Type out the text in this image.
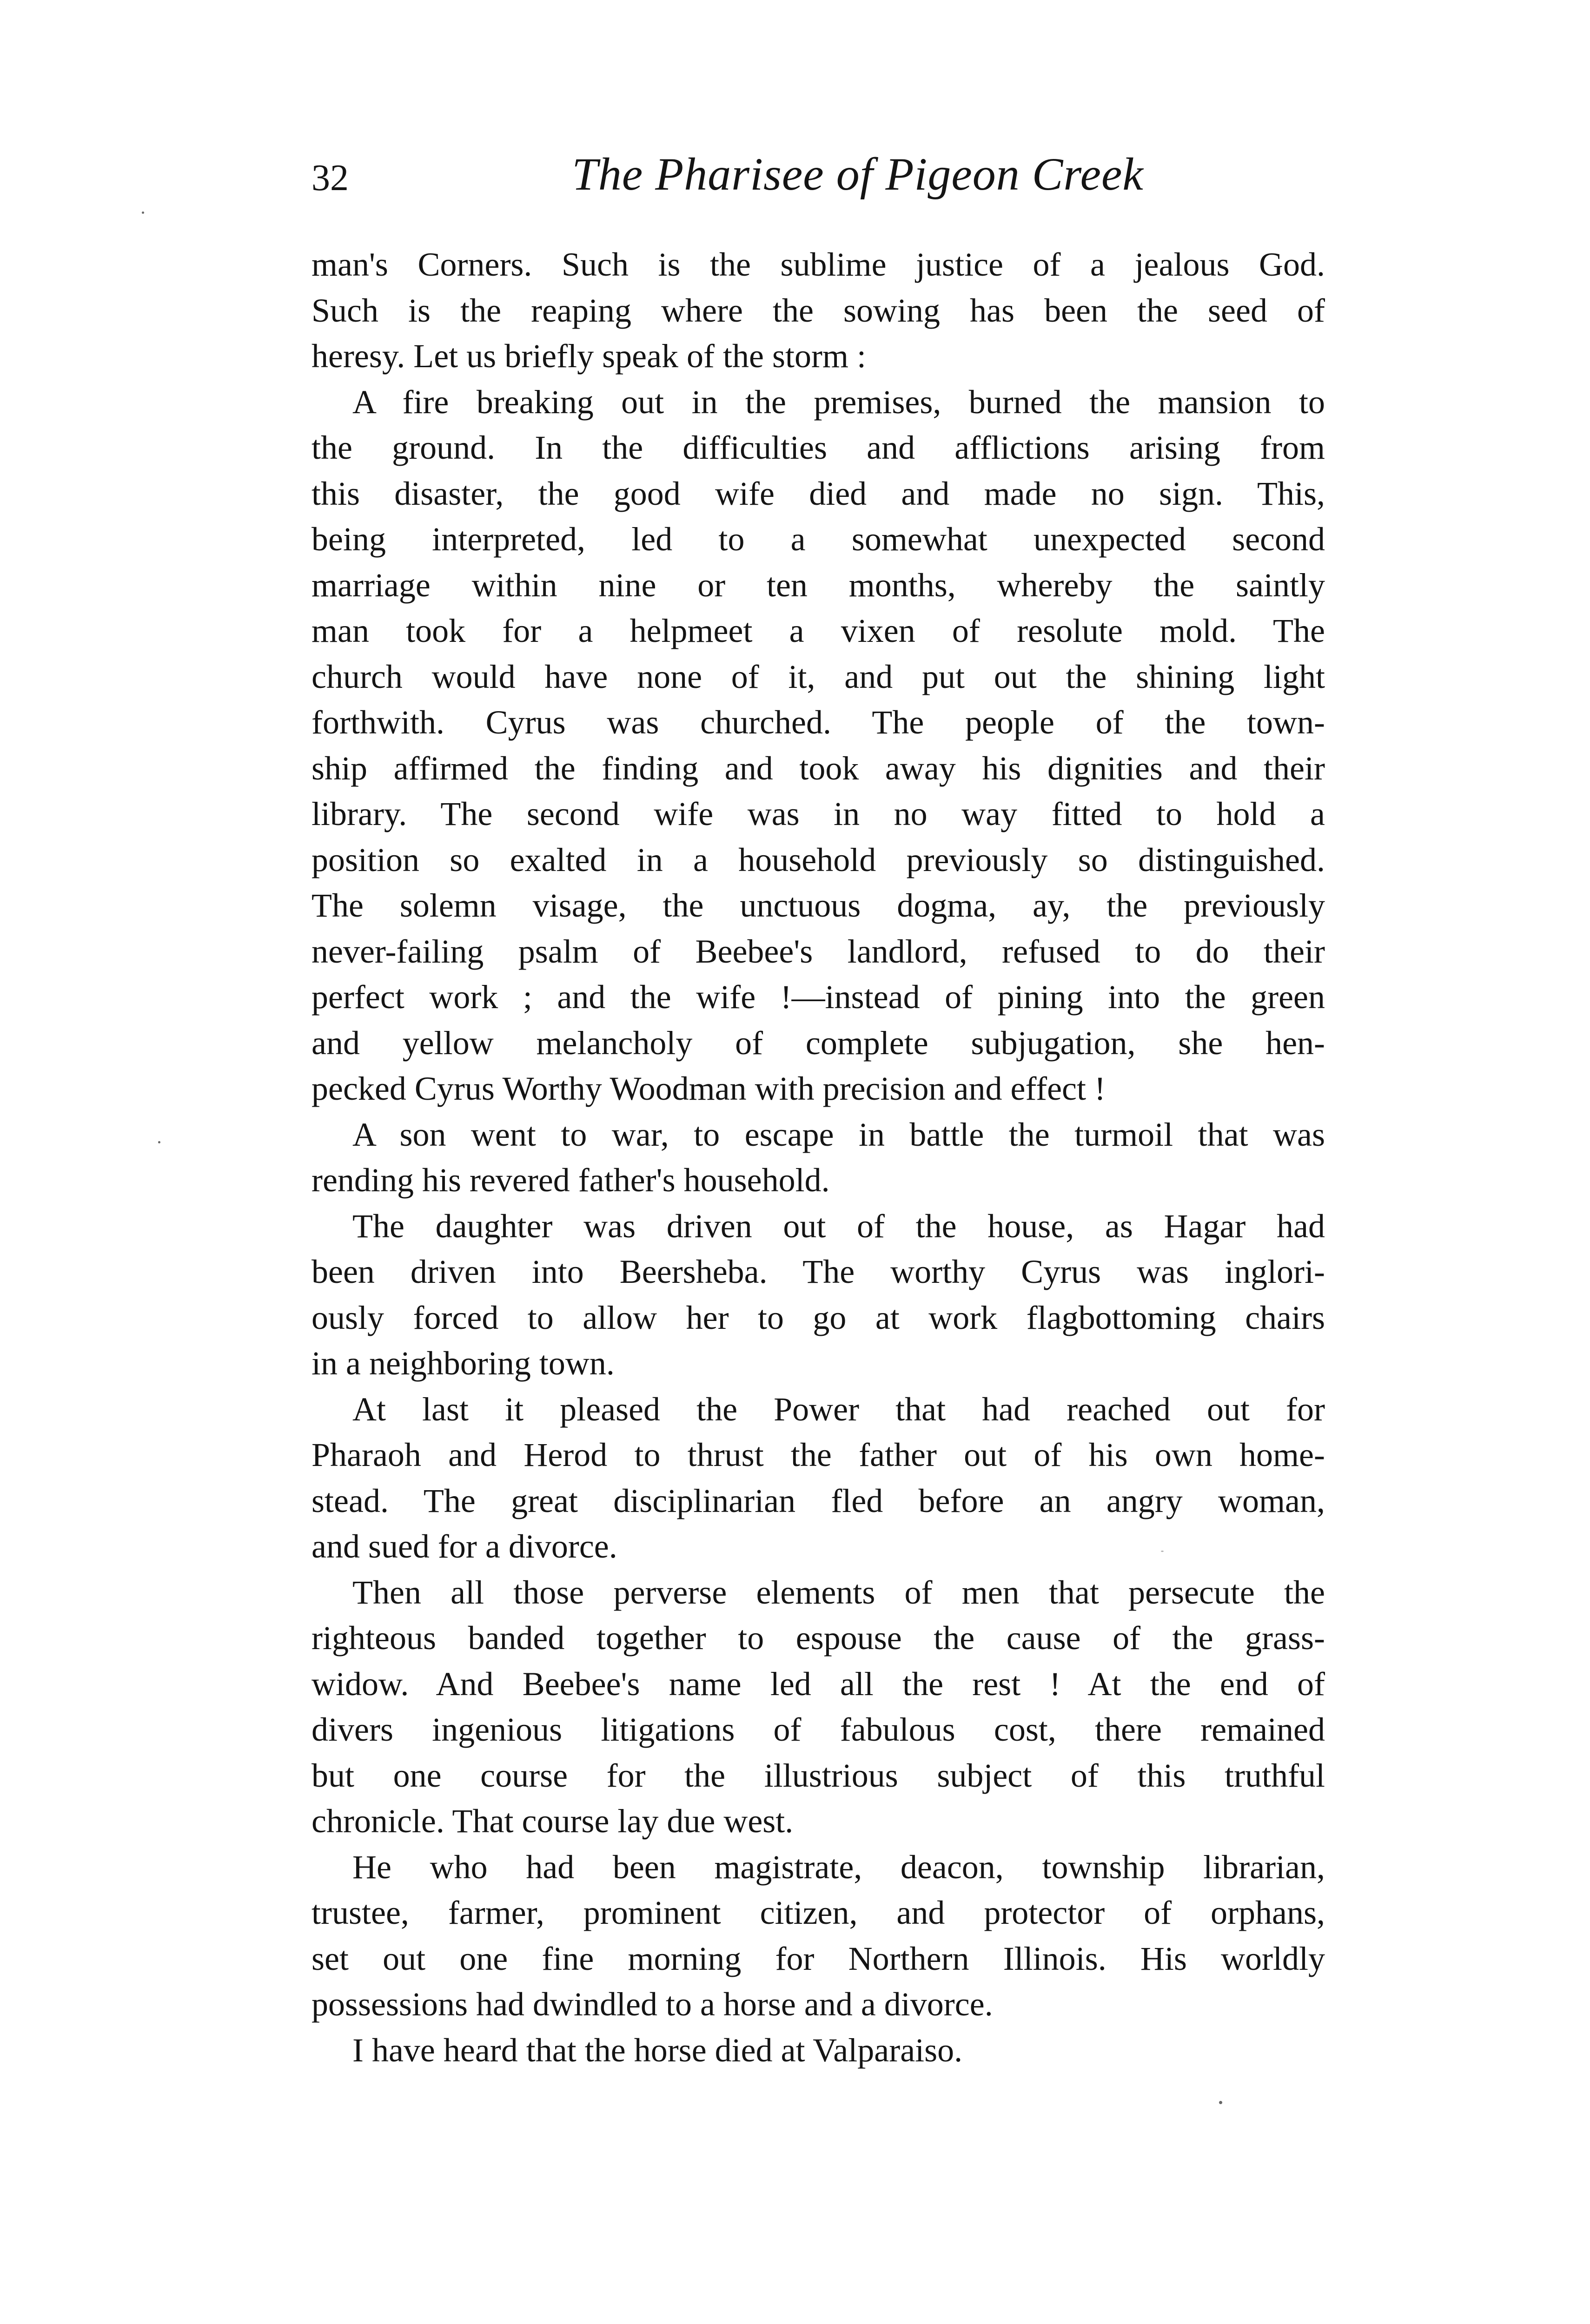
32	The Pharisee of Pigeon Creek
man's Corners. Such is the sublime justice of a jealous God.
Such is the reaping where the sowing has been the seed of
heresy. Let us briefly speak of the storm :
A fire breaking out in the premises, burned the mansion to
the ground. In the difficulties and afflictions arising from
this disaster, the good wife died and made no sign. This,
being interpreted, led to a somewhat unexpected second
marriage within nine or ten months, whereby the saintly
man took for a helpmeet a vixen of resolute mold. The
church would have none of it, and put out the shining light
forthwith. Cyrus was churched. The people of the town-
ship affirmed the finding and took away his dignities and their
library. The second wife was in no way fitted to hold a
position so exalted in a household previously so distinguished.
The solemn visage, the unctuous dogma, ay, the previously
never-failing psalm of Beebee's landlord, refused to do their
perfect work ; and the wife !—instead of pining into the green
and yellow melancholy of complete subjugation, she hen-
pecked Cyrus Worthy Woodman with precision and effect !
A son went to war, to escape in battle the turmoil that was
rending his revered father's household.
The daughter was driven out of the house, as Hagar had
been driven into Beersheba. The worthy Cyrus was inglori-
ously forced to allow her to go at work flagbottoming chairs
in a neighboring town.
At last it pleased the Power that had reached out for
Pharaoh and Herod to thrust the father out of his own home-
stead. The great disciplinarian fled before an angry woman,
and sued for a divorce.
Then all those perverse elements of men that persecute the
righteous banded together to espouse the cause of the grass-
widow. And Beebee's name led all the rest ! At the end of
divers ingenious litigations of fabulous cost, there remained
but one course for the illustrious subject of this truthful
chronicle. That course lay due west.
He who had been magistrate, deacon, township librarian,
trustee, farmer, prominent citizen, and protector of orphans,
set out one fine morning for Northern Illinois. His worldly
possessions had dwindled to a horse and a divorce.
I have heard that the horse died at Valparaiso.
